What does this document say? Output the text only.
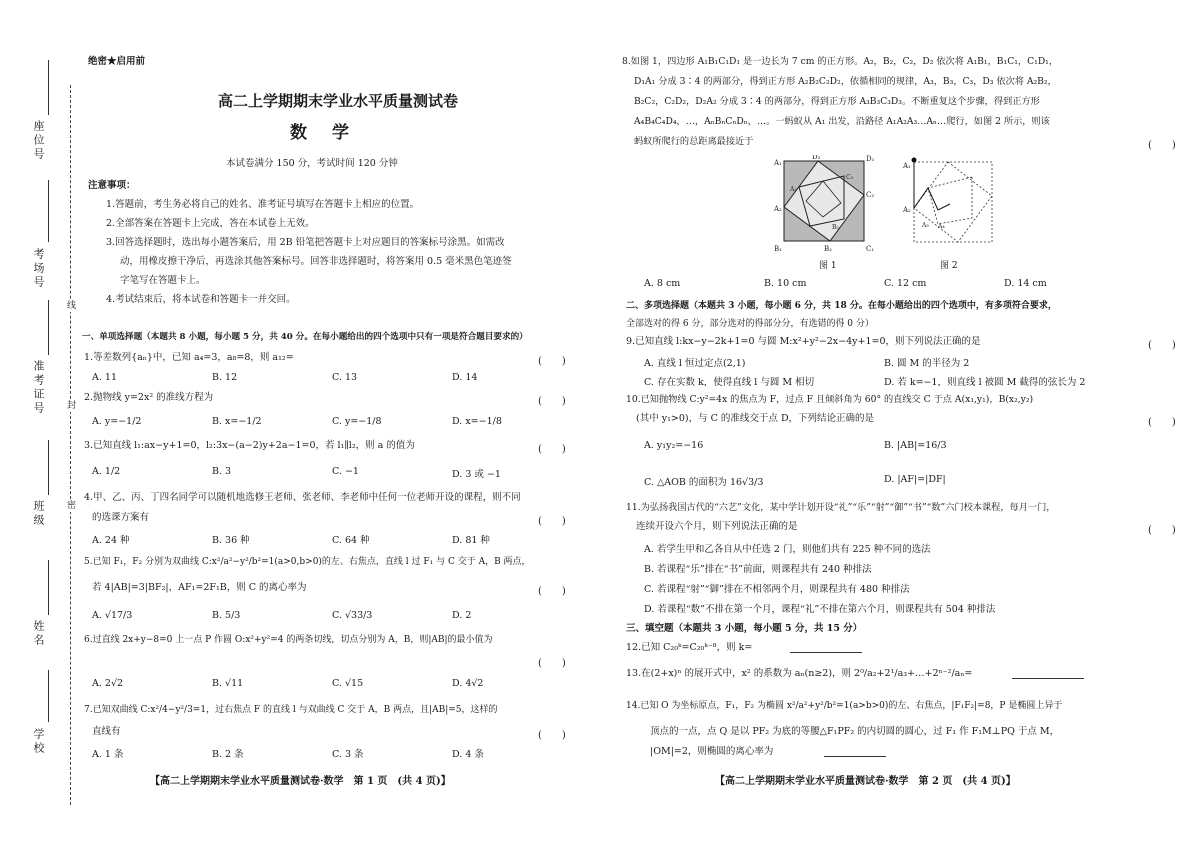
座位号
考场号
准考证号
班级
姓名
学校
线
封
密
绝密★启用前
高二上学期期末学业水平质量测试卷
数　学
本试卷满分 150 分，考试时间 120 分钟
注意事项：
1.答题前，考生务必将自己的姓名、准考证号填写在答题卡上相应的位置。
2.全部答案在答题卡上完成，答在本试卷上无效。
3.回答选择题时，选出每小题答案后，用 2B 铅笔把答题卡上对应题目的答案标号涂黑。如需改
动，用橡皮擦干净后，再选涂其他答案标号。回答非选择题时，将答案用 0.5 毫米黑色笔迹签
字笔写在答题卡上。
4.考试结束后，将本试卷和答题卡一并交回。
一、单项选择题（本题共 8 小题，每小题 5 分，共 40 分。在每小题给出的四个选项中只有一项是符合题目要求的）
1.等差数列{aₙ}中，已知 a₄=3，a₈=8，则 a₁₂=	(　　)
A. 11	B. 12	C. 13	D. 14
2.抛物线 y=2x² 的准线方程为	(　　)
A. y=−1/2	B. x=−1/2	C. y=−1/8	D. x=−1/8
3.已知直线 l₁:ax−y+1=0，l₂:3x−(a−2)y+2a−1=0，若 l₁∥l₂，则 a 的值为	(　　)
A. 1/2	B. 3	C. −1	D. 3 或 −1
4.甲、乙、丙、丁四名同学可以随机地选修王老师、张老师、李老师中任何一位老师开设的课程，则不同
的选课方案有	(　　)
A. 24 种	B. 36 种	C. 64 种	D. 81 种
5.已知 F₁，F₂ 分别为双曲线 C:x²/a²−y²/b²=1(a>0,b>0)的左、右焦点，直线 l 过 F₁ 与 C 交于 A，B 两点，
若 4|AB|=3|BF₂|，AF₁=2F₁B，则 C 的离心率为	(　　)
A. √17/3	B. 5/3	C. √33/3	D. 2
6.过直线 2x+y−8=0 上一点 P 作圆 O:x²+y²=4 的两条切线，切点分别为 A，B，则|AB|的最小值为
(　　)
A. 2√2	B. √11	C. √15	D. 4√2
7.已知双曲线 C:x²/4−y²/3=1，过右焦点 F 的直线 l 与双曲线 C 交于 A，B 两点，且|AB|=5，这样的
直线有	(　　)
A. 1 条	B. 2 条	C. 3 条	D. 4 条
【高二上学期期末学业水平质量测试卷·数学　第 1 页　(共 4 页)】
8.如图 1，四边形 A₁B₁C₁D₁ 是一边长为 7 cm 的正方形。A₂，B₂，C₂，D₂ 依次将 A₁B₁，B₁C₁，C₁D₁，
D₁A₁ 分成 3∶4 的两部分，得到正方形 A₂B₂C₂D₂，依循相同的规律，A₃，B₃，C₃，D₃ 依次将 A₂B₂，
B₂C₂，C₂D₂，D₂A₂ 分成 3∶4 的两部分，得到正方形 A₃B₃C₃D₃。不断重复这个步骤，得到正方形
A₄B₄C₄D₄，…，AₙBₙCₙDₙ，…。一蚂蚁从 A₁ 出发，沿路径 A₁A₂A₃…Aₙ…爬行，如图 2 所示，则该
蚂蚁所爬行的总距离最接近于	(　　)
A₁
D₂	D₁
C₂
C₃
A₃
B₃
A₂
B₁	B₂	C₁
图 1
A₁
A₂
A₃ A₄
图 2
A. 8 cm	B. 10 cm	C. 12 cm	D. 14 cm
二、多项选择题（本题共 3 小题，每小题 6 分，共 18 分。在每小题给出的四个选项中，有多项符合要求，
全部选对的得 6 分，部分选对的得部分分，有选错的得 0 分）
9.已知直线 l:kx−y−2k+1=0 与圆 M:x²+y²−2x−4y+1=0，则下列说法正确的是	(　　)
A. 直线 l 恒过定点(2,1)	B. 圆 M 的半径为 2
C. 存在实数 k，使得直线 l 与圆 M 相切	D. 若 k=−1，则直线 l 被圆 M 截得的弦长为 2
10.已知抛物线 C:y²=4x 的焦点为 F，过点 F 且倾斜角为 60° 的直线交 C 于点 A(x₁,y₁)，B(x₂,y₂)
(其中 y₁>0)，与 C 的准线交于点 D，下列结论正确的是	(　　)
A. y₁y₂=−16	B. |AB|=16/3
C. △AOB 的面积为 16√3/3	D. |AF|=|DF|
11.为弘扬我国古代的“六艺”文化，某中学计划开设“礼”“乐”“射”“御”“书”“数”六门校本课程，每月一门，
连续开设六个月，则下列说法正确的是	(　　)
A. 若学生甲和乙各自从中任选 2 门，则他们共有 225 种不同的选法
B. 若课程“乐”排在“书”前面，则课程共有 240 种排法
C. 若课程“射”“御”排在不相邻两个月，则课程共有 480 种排法
D. 若课程“数”不排在第一个月，课程“礼”不排在第六个月，则课程共有 504 种排法
三、填空题（本题共 3 小题，每小题 5 分，共 15 分）
12.已知 C₂₀ᵏ=C₂₀ᵏ⁻⁸，则 k=
13.在(2+x)ⁿ 的展开式中，x² 的系数为 aₙ(n≥2)，则 2⁰/a₂+2¹/a₃+…+2ⁿ⁻²/aₙ=
14.已知 O 为坐标原点，F₁，F₂ 为椭圆 x²/a²+y²/b²=1(a>b>0)的左、右焦点，|F₁F₂|=8，P 是椭圆上异于
顶点的一点，点 Q 是以 PF₂ 为底的等腰△F₁PF₂ 的内切圆的圆心，过 F₁ 作 F₁M⊥PQ 于点 M，
|OM|=2，则椭圆的离心率为
【高二上学期期末学业水平质量测试卷·数学　第 2 页　(共 4 页)】
